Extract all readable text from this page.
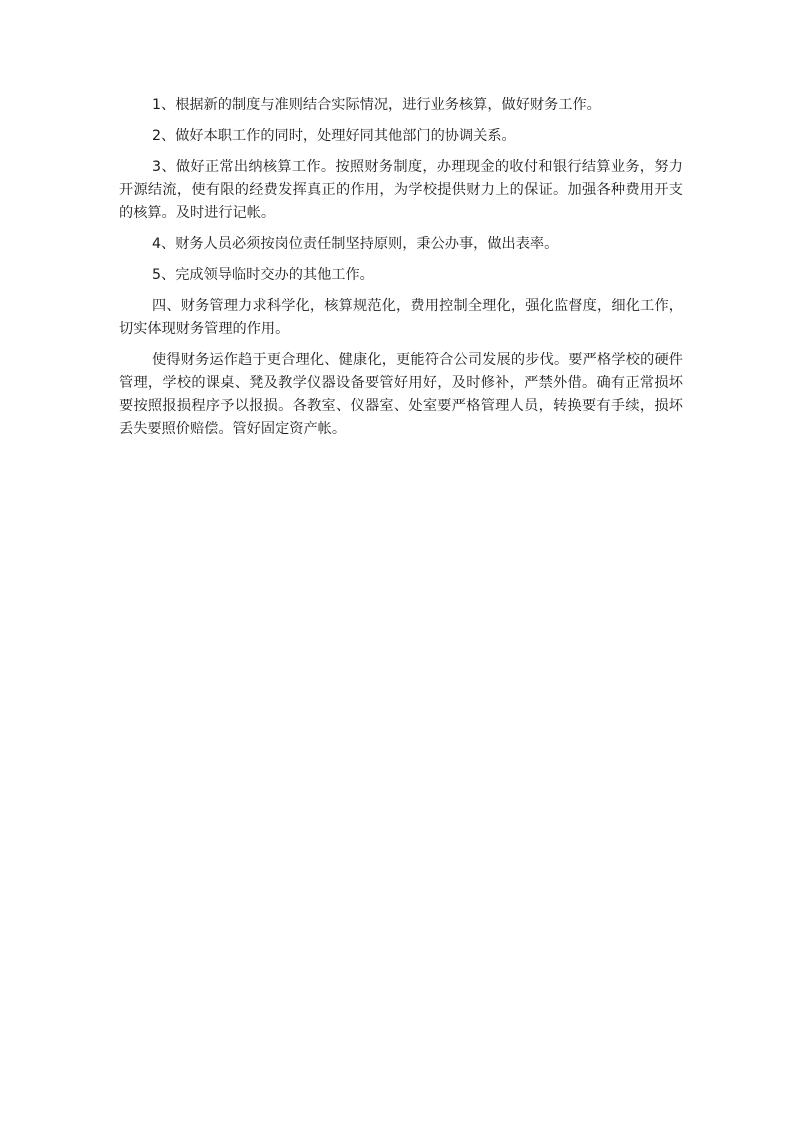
1、根据新的制度与准则结合实际情况，进行业务核算，做好财务工作。

2、做好本职工作的同时，处理好同其他部门的协调关系。

3、做好正常出纳核算工作。按照财务制度，办理现金的收付和银行结算业务，努力开源结流，使有限的经费发挥真正的作用，为学校提供财力上的保证。加强各种费用开支的核算。及时进行记帐。

4、财务人员必须按岗位责任制坚持原则，秉公办事，做出表率。

5、完成领导临时交办的其他工作。

四、财务管理力求科学化，核算规范化，费用控制全理化，强化监督度，细化工作，切实体现财务管理的作用。

使得财务运作趋于更合理化、健康化，更能符合公司发展的步伐。要严格学校的硬件管理，学校的课桌、凳及教学仪器设备要管好用好，及时修补，严禁外借。确有正常损坏要按照报损程序予以报损。各教室、仪器室、处室要严格管理人员，转换要有手续，损坏丢失要照价赔偿。管好固定资产帐。
